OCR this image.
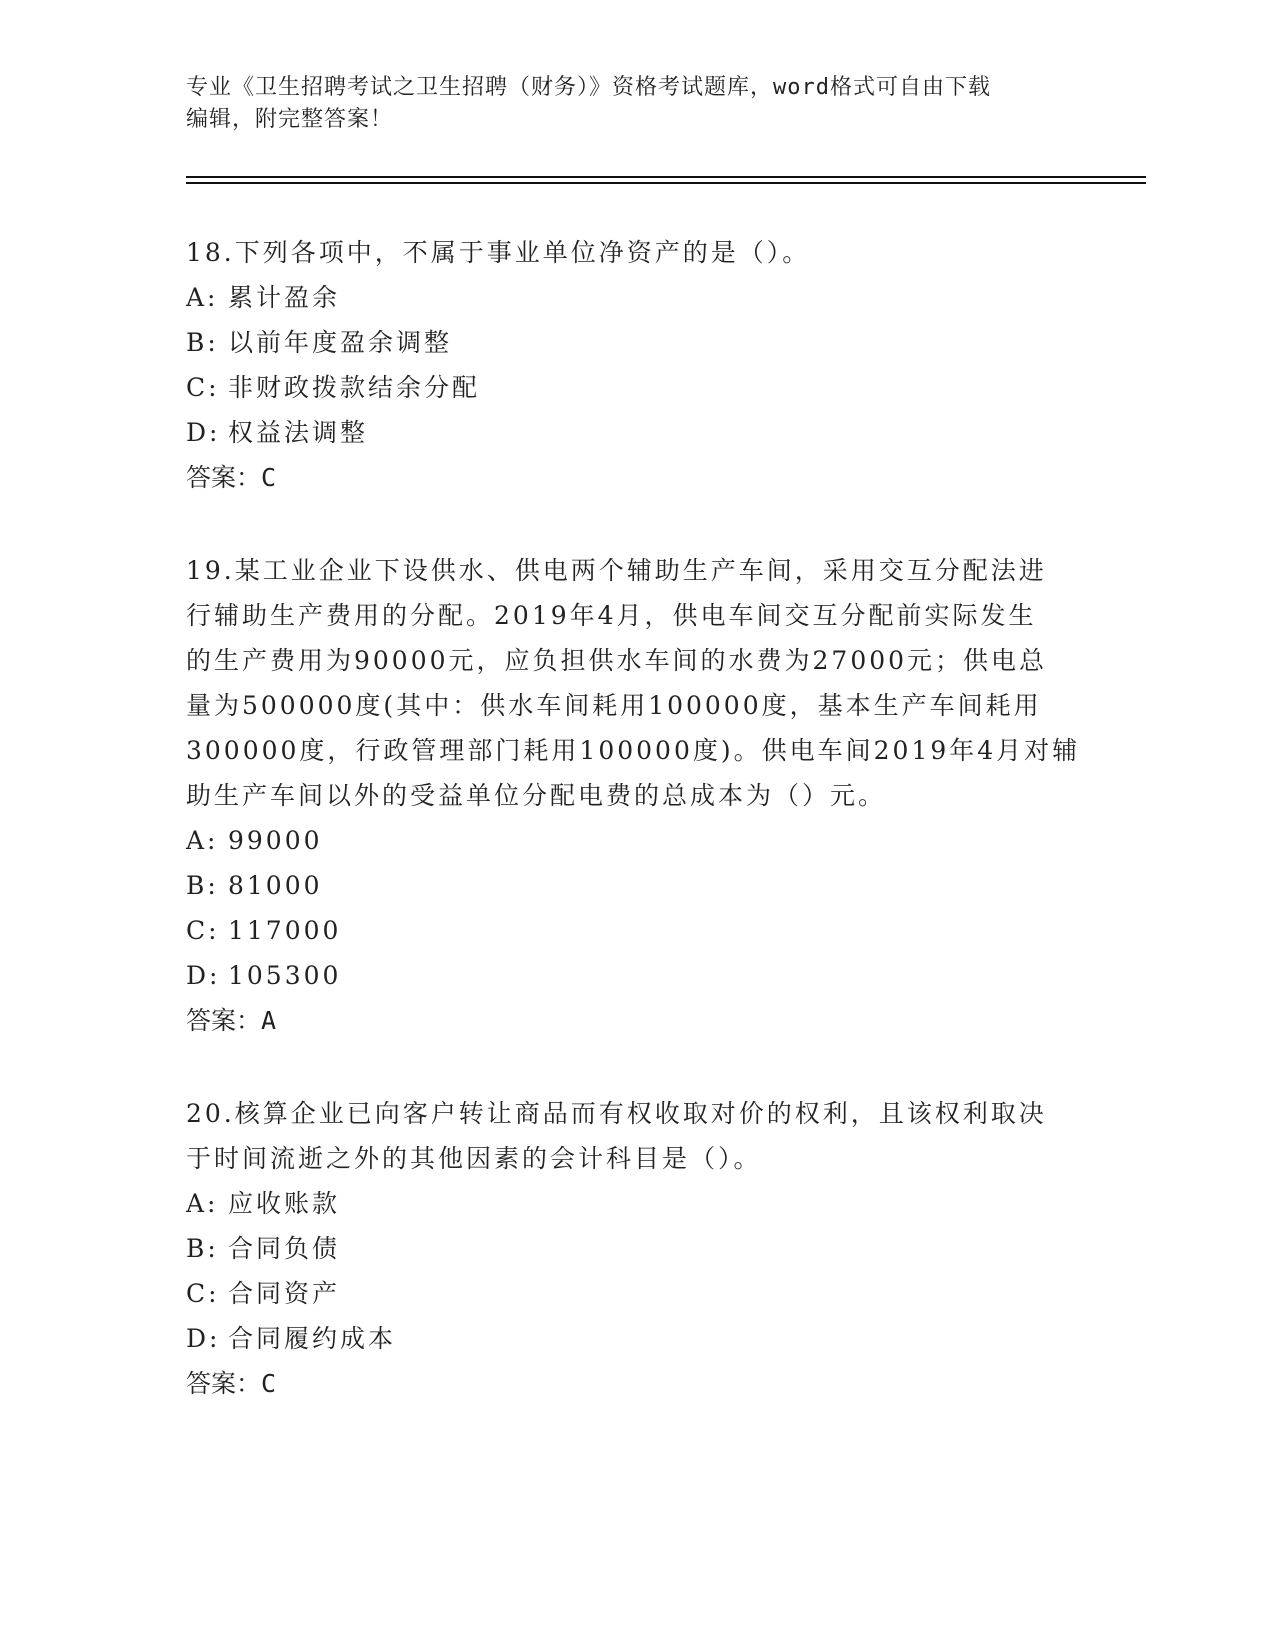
专业《卫生招聘考试之卫生招聘（财务）》资格考试题库，word格式可自由下载
编辑，附完整答案！

18.下列各项中，不属于事业单位净资产的是（）。

A: 累计盈余

B: 以前年度盈余调整

C: 非财政拨款结余分配

D: 权益法调整

答案：C

19.某工业企业下设供水、供电两个辅助生产车间，采用交互分配法进

行辅助生产费用的分配。2019年4月，供电车间交互分配前实际发生

的生产费用为90000元，应负担供水车间的水费为27000元；供电总

量为500000度(其中：供水车间耗用100000度，基本生产车间耗用

300000度，行政管理部门耗用100000度)。供电车间2019年4月对辅

助生产车间以外的受益单位分配电费的总成本为（）元。

A: 99000

B: 81000

C: 117000

D: 105300

答案：A

20.核算企业已向客户转让商品而有权收取对价的权利，且该权利取决

于时间流逝之外的其他因素的会计科目是（）。

A: 应收账款

B: 合同负债

C: 合同资产

D: 合同履约成本

答案：C
